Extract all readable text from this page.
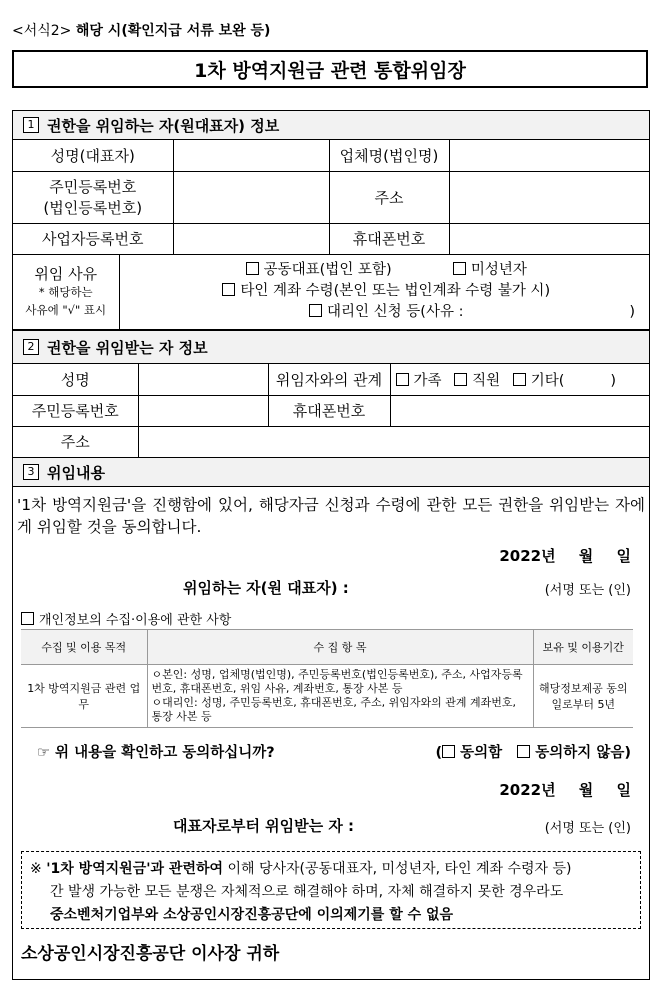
<서식2> 해당 시(확인지급 서류 보완 등)
1차 방역지원금 관련 통합위임장
1 권한을 위임하는 자(원대표자) 정보
성명(대표자)		업체명(법인명)	

주민등록번호
(법인등록번호)		주소	
사업자등록번호		휴대폰번호	
위임 사유
* 해당하는
사유에 "√" 표시

공동대표(법인 포함)	미성년자
타인 계좌 수령(본인 또는 법인계좌 수령 불가 시)
대리인 신청 등(사유 :	)
2 권한을 위임받는 자 정보
성명		위임자와의 관계	가족 직원 기타( )
주민등록번호		휴대폰번호	
주소			
3 위임내용
'1차 방역지원금'을 진행함에 있어, 해당자금 신청과 수령에 관한 모든 권한을 위임받는 자에게 위임할 것을 동의합니다.
2022년 월 일
위임하는 자(원 대표자) :	(서명 또는 (인)
개인정보의 수집·이용에 관한 사항
수집 및 이용 목적	수 집 항 목	보유 및 이용기간
1차 방역지원금 관련 업무	ㅇ본인: 성명, 업체명(법인명), 주민등록번호(법인등록번호), 주소, 사업자등록번호, 휴대폰번호, 위임 사유, 계좌번호, 통장 사본 등
ㅇ대리인: 성명, 주민등록번호, 휴대폰번호, 주소, 위임자와의 관계 계좌번호, 통장 사본 등	해당정보제공 동의일로부터 5년
☞ 위 내용을 확인하고 동의하십니까?	( 동의함 동의하지 않음)
2022년 월 일
대표자로부터 위임받는 자 :	(서명 또는 (인)
※ '1차 방역지원금'과 관련하여 이해 당사자(공동대표자, 미성년자, 타인 계좌 수령자 등)
간 발생 가능한 모든 분쟁은 자체적으로 해결해야 하며, 자체 해결하지 못한 경우라도
중소벤처기업부와 소상공인시장진흥공단에 이의제기를 할 수 없음
소상공인시장진흥공단 이사장 귀하
